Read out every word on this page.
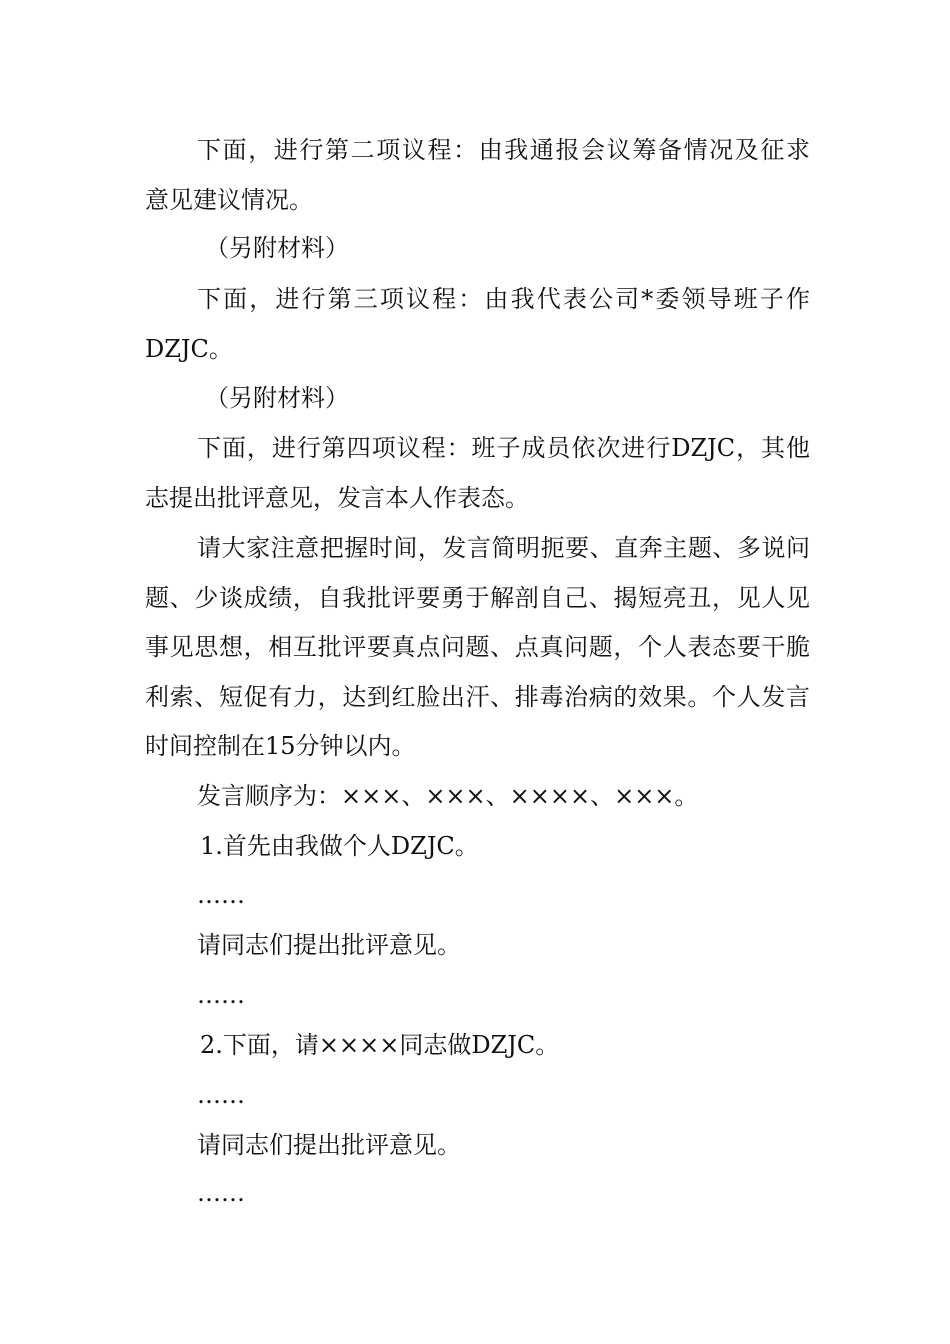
下面，进行第二项议程：由我通报会议筹备情况及征求
意见建议情况。
（另附材料）
下面，进行第三项议程：由我代表公司*委领导班子作
DZJC。
（另附材料）
下面，进行第四项议程：班子成员依次进行DZJC，其他
志提出批评意见，发言本人作表态。
请大家注意把握时间，发言简明扼要、直奔主题、多说问
题、少谈成绩，自我批评要勇于解剖自己、揭短亮丑，见人见
事见思想，相互批评要真点问题、点真问题，个人表态要干脆
利索、短促有力，达到红脸出汗、排毒治病的效果。个人发言
时间控制在15分钟以内。
发言顺序为：×××、×××、××××、×××。
1.首先由我做个人DZJC。
……
请同志们提出批评意见。
……
2.下面，请××××同志做DZJC。
……
请同志们提出批评意见。
……
